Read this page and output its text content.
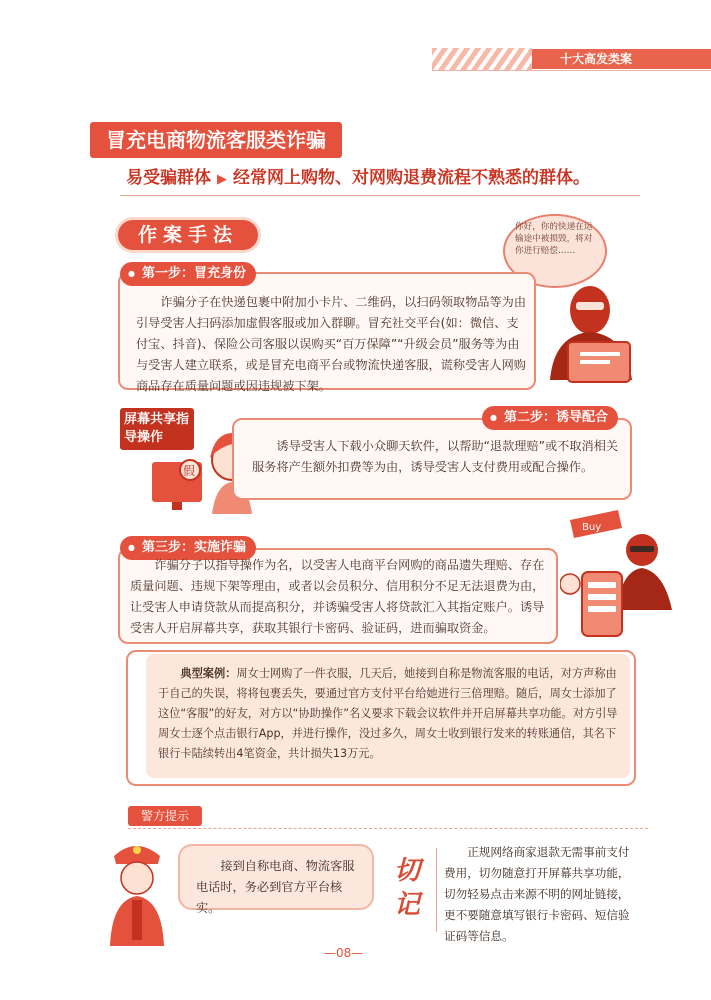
十大高发类案
冒充电商物流客服类诈骗
易受骗群体 ▶ 经常网上购物、对网购退费流程不熟悉的群体。
作案手法	你好，你的快递在运输途中被损毁，将对你进行赔偿……
● 第一步：冒充身份
诈骗分子在快递包裹中附加小卡片、二维码，以扫码领取物品等为由引导受害人扫码添加虚假客服或加入群聊。冒充社交平台(如：微信、支付宝、抖音)、保险公司客服以误购买“百万保障”“升级会员”服务等为由与受害人建立联系，或是冒充电商平台或物流快递客服，谎称受害人网购商品存在质量问题或因违规被下架。
屏幕共享指导操作
假
● 第二步：诱导配合
诱导受害人下载小众聊天软件，以帮助“退款理赔”或不取消相关服务将产生额外扣费等为由，诱导受害人支付费用或配合操作。
Buy
● 第三步：实施诈骗
诈骗分子以指导操作为名，以受害人电商平台网购的商品遗失理赔、存在质量问题、违规下架等理由，或者以会员积分、信用积分不足无法退费为由，让受害人申请贷款从而提高积分，并诱骗受害人将贷款汇入其指定账户。诱导受害人开启屏幕共享，获取其银行卡密码、验证码，进而骗取资金。
典型案例：周女士网购了一件衣服，几天后，她接到自称是物流客服的电话，对方声称由于自己的失误，将将包裹丢失，要通过官方支付平台给她进行三倍理赔。随后，周女士添加了这位“客服”的好友，对方以“协助操作”名义要求下载会议软件并开启屏幕共享功能。对方引导周女士逐个点击银行App，并进行操作，没过多久，周女士收到银行发来的转账通信，其名下银行卡陆续转出4笔资金，共计损失13万元。
警方提示
接到自称电商、物流客服电话时，务必到官方平台核实。
切记
正规网络商家退款无需事前支付费用，切勿随意打开屏幕共享功能，切勿轻易点击来源不明的网址链接，更不要随意填写银行卡密码、短信验证码等信息。
—08—
